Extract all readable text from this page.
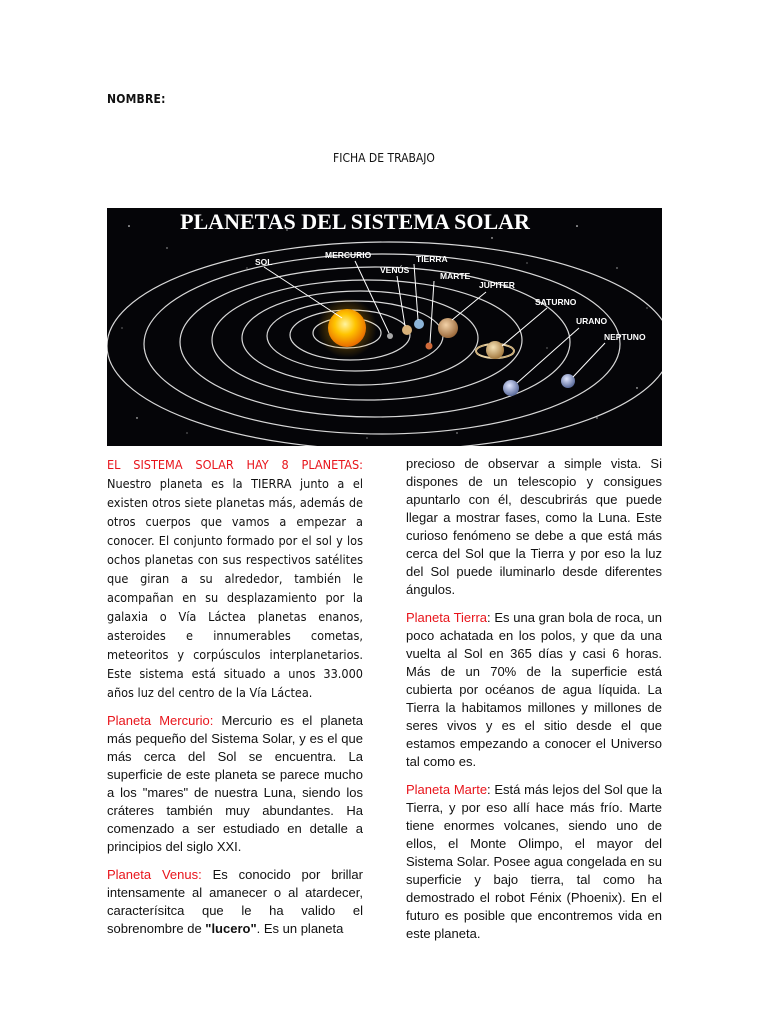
NOMBRE:
FICHA DE TRABAJO
PLANETAS DEL SISTEMA SOLAR
SOL
MERCURIO
VENÚS
TIERRA
MARTE
JUPITER
SATURNO
URANO
NEPTUNO

EL SISTEMA SOLAR HAY 8 PLANETAS: Nuestro planeta es la TIERRA junto a el existen otros siete planetas más, además de otros cuerpos que vamos a empezar a conocer. El conjunto formado por el sol y los ochos planetas con sus respectivos satélites que giran a su alrededor, también le acompañan en su desplazamiento por la galaxia o Vía Láctea planetas enanos, asteroides e innumerables cometas, meteoritos y corpúsculos interplanetarios. Este sistema está situado a unos 33.000 años luz del centro de la Vía Láctea.

Planeta Mercurio: Mercurio es el planeta más pequeño del Sistema Solar, y es el que más cerca del Sol se encuentra. La superficie de este planeta se parece mucho a los "mares" de nuestra Luna, siendo los cráteres también muy abundantes. Ha comenzado a ser estudiado en detalle a principios del siglo XXI.

Planeta Venus: Es conocido por brillar intensamente al amanecer o al atardecer, caracterísitca que le ha valido el sobrenombre de "lucero". Es un planeta

precioso de observar a simple vista. Si dispones de un telescopio y consigues apuntarlo con él, descubrirás que puede llegar a mostrar fases, como la Luna. Este curioso fenómeno se debe a que está más cerca del Sol que la Tierra y por eso la luz del Sol puede iluminarlo desde diferentes ángulos.

Planeta Tierra: Es una gran bola de roca, un poco achatada en los polos, y que da una vuelta al Sol en 365 días y casi 6 horas. Más de un 70% de la superficie está cubierta por océanos de agua líquida. La Tierra la habitamos millones y millones de seres vivos y es el sitio desde el que estamos empezando a conocer el Universo tal como es.

Planeta Marte: Está más lejos del Sol que la Tierra, y por eso allí hace más frío. Marte tiene enormes volcanes, siendo uno de ellos, el Monte Olimpo, el mayor del Sistema Solar. Posee agua congelada en su superficie y bajo tierra, tal como ha demostrado el robot Fénix (Phoenix). En el futuro es posible que encontremos vida en este planeta.
